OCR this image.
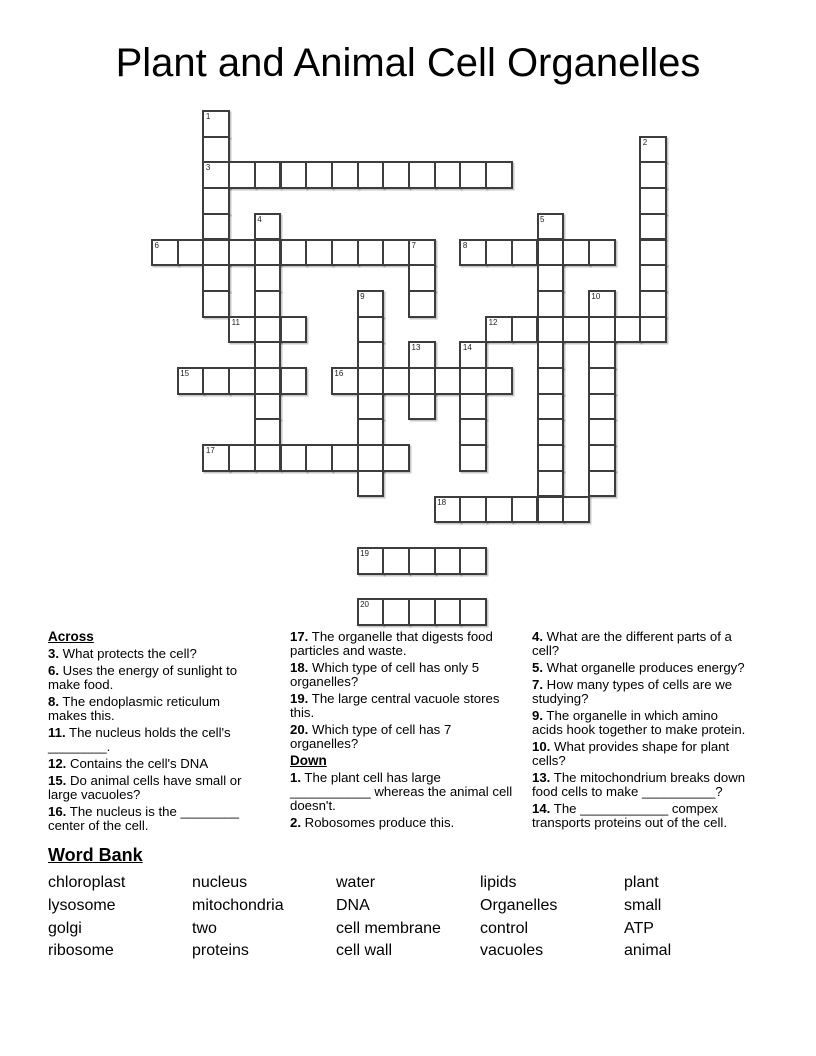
Plant and Animal Cell Organelles
1
2
3
4	5
6	7	8
9	10
11	12
13	14
15	16
17
18
19
20
Across
3. What protects the cell?
6. Uses the energy of sunlight to make food.
8. The endoplasmic reticulum makes this.
11. The nucleus holds the cell's ________.
12. Contains the cell's DNA
15. Do animal cells have small or large vacuoles?
16. The nucleus is the ________ center of the cell.
17. The organelle that digests food particles and waste.
18. Which type of cell has only 5 organelles?
19. The large central vacuole stores this.
20. Which type of cell has 7 organelles?
Down
1. The plant cell has large ___________ whereas the animal cell doesn't.
2. Robosomes produce this.
4. What are the different parts of a cell?
5. What organelle produces energy?
7. How many types of cells are we studying?
9. The organelle in which amino acids hook together to make protein.
10. What provides shape for plant cells?
13. The mitochondrium breaks down food cells to make __________?
14. The ____________ compex transports proteins out of the cell.
Word Bank
chloroplast	nucleus	water	lipids	plant
lysosome	mitochondria	DNA	Organelles	small
golgi	two	cell membrane	control	ATP
ribosome	proteins	cell wall	vacuoles	animal
